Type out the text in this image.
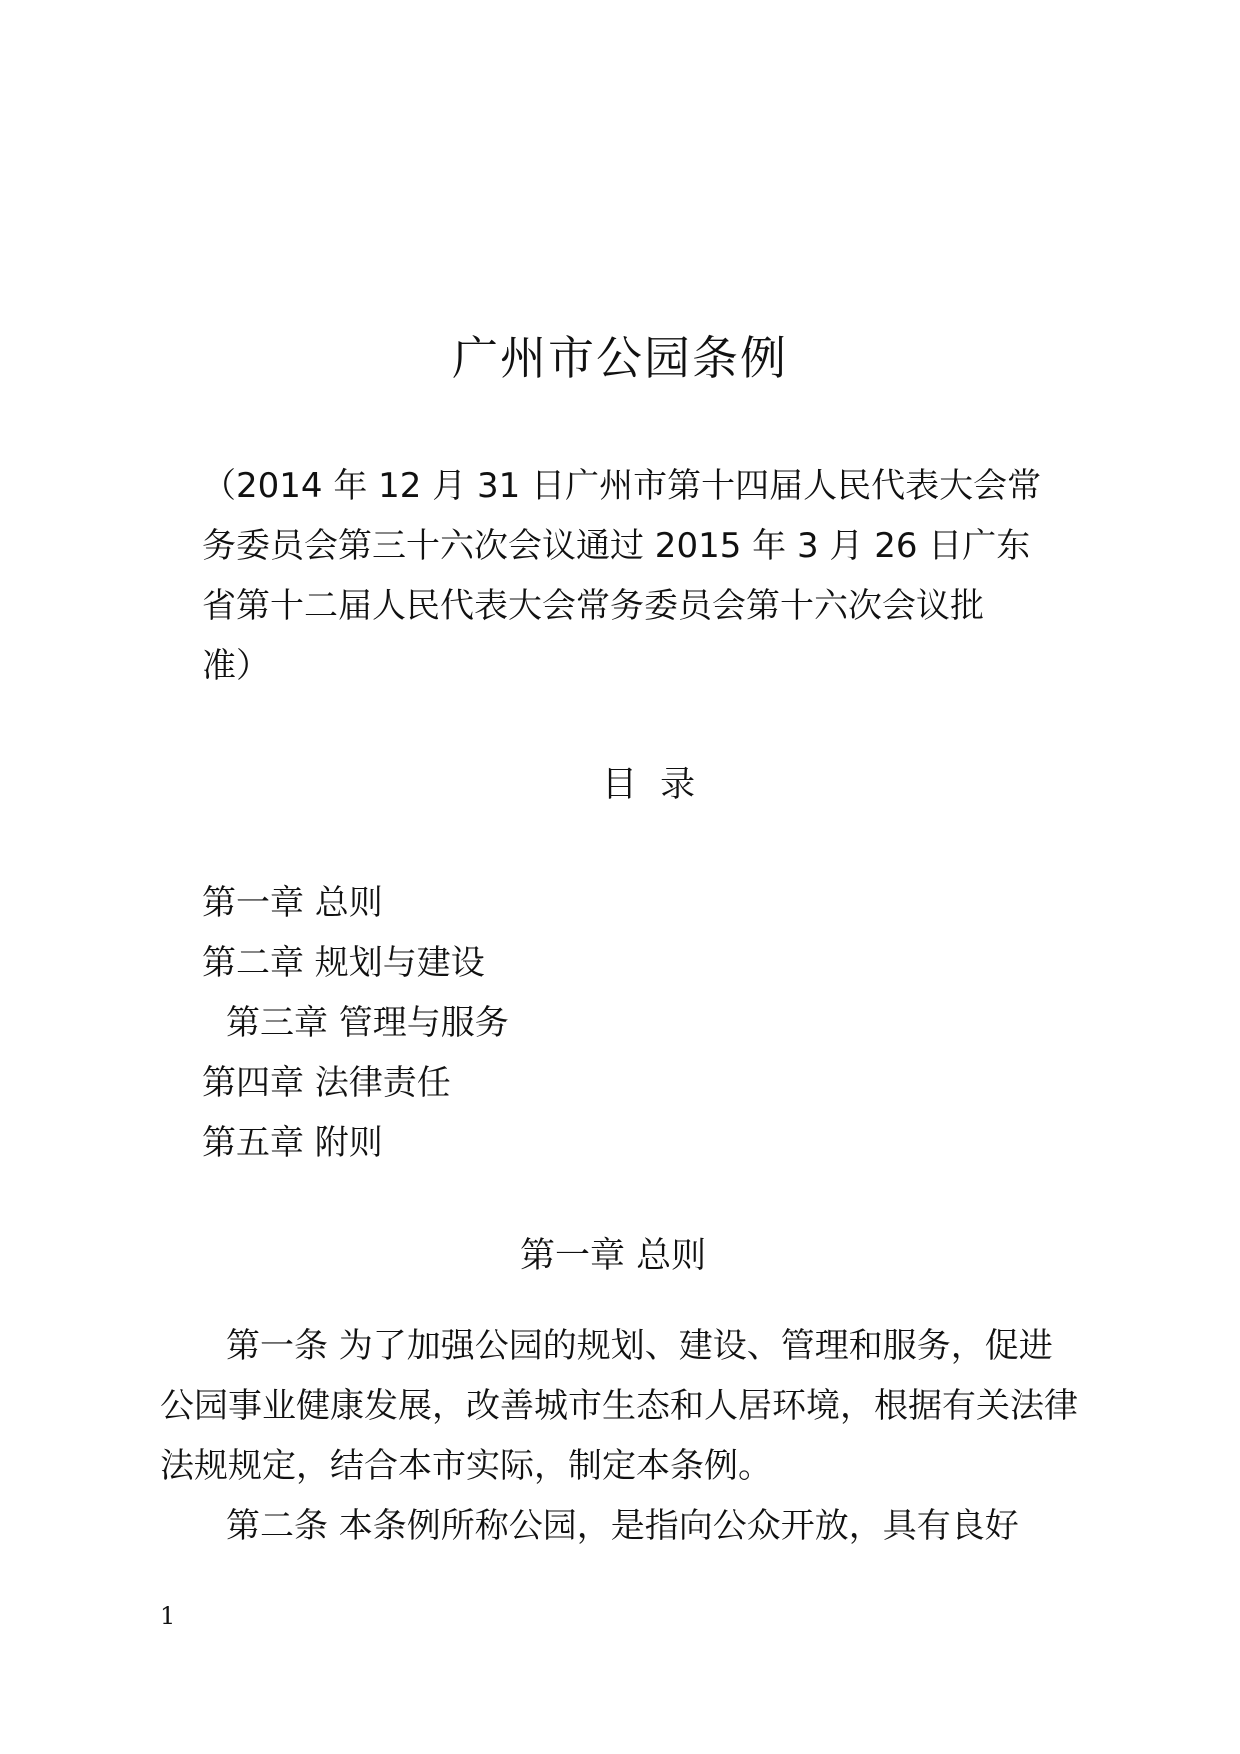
广州市公园条例
（2014 年 12 月 31 日广州市第十四届人民代表大会常
务委员会第三十六次会议通过 2015 年 3 月 26 日广东
省第十二届人民代表大会常务委员会第十六次会议批
准）
目 录
第一章 总则
第二章 规划与建设
第三章 管理与服务
第四章 法律责任
第五章 附则
第一章 总则
第一条 为了加强公园的规划、建设、管理和服务，促进
公园事业健康发展，改善城市生态和人居环境，根据有关法律
法规规定，结合本市实际，制定本条例。
第二条 本条例所称公园，是指向公众开放，具有良好
1
